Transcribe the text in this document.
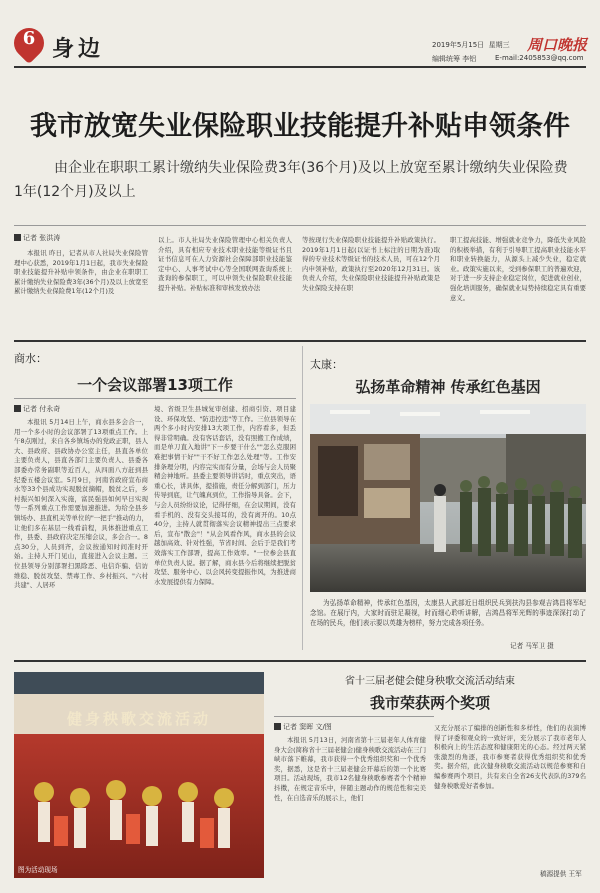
6 身边	2019年5月15日 星期三 周口晚报
编辑统筹 李铝	E-mail:2405853@qq.com
我市放宽失业保险职业技能提升补贴申领条件
由企业在职职工累计缴纳失业保险费3年(36个月)及以上放宽至累计缴纳失业保险费1年(12个月)及以上
记者 张洪涛
本报讯 昨日，记者从市人社局失业保险管理中心获悉，2019年1月1日起，我市失业保险职业技能提升补贴申领条件，由企业在职职工累计缴纳失业保险费3年(36个月)及以上放宽至累计缴纳失业保险费1年(12个月)及
以上。市人社局失业保险管理中心相关负责人介绍，具有相应专业技术职业技能等级证书且证书信息可在人力资源社会保障部职业技能鉴定中心、人事考试中心等全国联网查询系统上查询的参保职工，可以申领失业保险职业技能提升补贴。补贴标准和审核发放办法
等按现行失业保险职业技能提升补贴政策执行。2019年1月1日起(以证书上标注的日期为准)取得的专业技术等级证书的技术人员，可在12个月内申领补贴，政策执行至2020年12月31日。该负责人介绍，失业保险职业技能提升补贴政策是失业保险支持在职
职工提高技能、增强就业竞争力，降低失业风险的积极举措，有利于引导职工提高职业技能水平和职业转换能力，从源头上减少失业，稳定就业。政策实施以来，受到参保职工的普遍欢迎，对于进一步支持企业稳定岗位，促进就业创业，强化培训服务，确保就业局势持续稳定具有重要意义。
商水：
一个会议部署13项工作
记者 付永奇
本报讯 5月14日上午，商水县多会合一，用一个多小时的会议部署了13项重点工作。上午8点刚过，来自各乡镇场办的党政正职，县人大、县政府、县政协办公室主任，县直各单位主要负责人，县直各部门主要负责人、县委各部委办常务副职等近百人，从四面八方赶到县纪委五楼会议室。5月9日，河南省政府宣布商水等33个县成功实现脱贫摘帽，脱贫之后，乡村振兴如何深入实施，富民强县如何早日实现等一系列重点工作需要加速推进。为给全县乡镇场办、县直机关等单位的"一把手"推动的力，让他们多在基层一线看前程，具体推进重点工作，县委、县政府决定压缩会议，多会合一。8点30分，人员到齐，会议按通知时间准时开始。主持人开门见山，直接进入会议主题。三位县领导分别部署扫黑除恶、电信诈骗、信访维稳、脱贫攻坚、禁毒工作、乡村振兴、"六村共建"、人居环
境、省级卫生县城复审创建、招商引资、项目建设、环保攻坚、"防违控违"等工作。三位县领导在两个多小时内安排13大项工作，内容看多，但丢得非常明确。没有客话套话，没有照搬工作成绩，而是单刀直入地讲"下一步要干什么""怎么克服困难把事情干好""干不好工作怎么处理"等。工作安排条理分明，内容完实而有分量，会场与会人员聚精会神地听。县委主要领导讲话时，重点突出，语重心长，讲具体，提措施，责任分解到部门，压力传导到底，让气魄真到位，工作指导具备。会下，与会人员纷纷议论，记得仔细，在会议期间，没有看手机的、没有交头接耳的，没有离开的。10点40分，主持人就贯彻落实会议精神提出三点要求后，宣布"散会"！"从会风看作风，商水县的会议越加高效、针对性强，节省时间、会后于是我们考效落实工作部署，提高工作效率。"一位参会县直单位负责人说。据了解，商水县今后将继续把脱贫攻坚、服务中心、以会风转变提振作风，为推进商水发展提供有力保障。
太康：
弘扬革命精神 传承红色基因
为弘扬革命精神，传承红色基因，太康县人武部近日组织民兵到扶沟县参观吉鸿昌将军纪念馆。在展厅内，大家时而驻足凝视，时而细心聆听讲解，吉鸿昌将军光辉的事迹深深打动了在场的民兵，他们表示要以英雄为榜样，努力完成各项任务。
记者 马军卫 摄
健身秧歌交流活动
图为活动现场
省十三届老健会健身秧歌交流活动结束
我市荣获两个奖项
记者 窦晖 文/图
本报讯 5月13日，河南省第十三届老年人体育健身大会(简称省十三届老健会)健身秧歌交流活动在三门峡市落下帷幕，我市获得一个优秀组织奖和一个优秀奖，据悉，这是省十三届老健会开幕后的第一个比赛项目。活动现场，我市12名健身秧歌参赛者个个精神抖擞，在规定音乐中，伴随主题动作的规范性和完美性，在自选音乐的展示上，他们
又充分展示了编排的创新性和多样性，他们的表演博得了评委和观众的一致好评，充分展示了我市老年人积极向上的生活态度和健康阳光的心态。经过两天紧张激烈的角逐，我市参赛者获得优秀组织奖和优秀奖。据介绍，此次健身秧歌交流活动以规范参赛和自编参赛两个项目，共有来自全省26支代表队的379名健身秧歌爱好者参加。
稿源提供 王军
